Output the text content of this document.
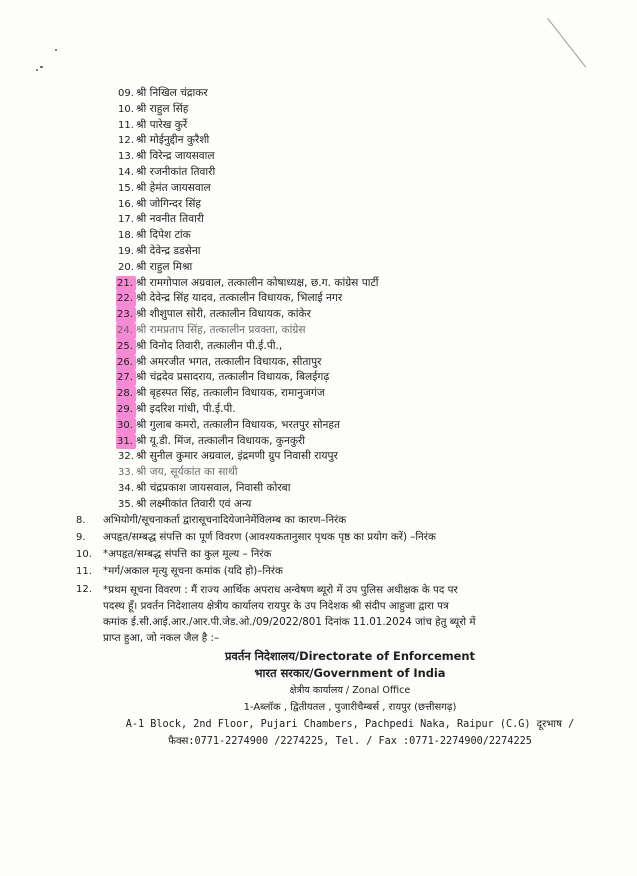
09. श्री निखिल चंद्राकर
10. श्री राहुल सिंह
11. श्री पारेख कुर्रे
12. श्री मोईनुद्दीन कुरैशी
13. श्री विरेन्द्र जायसवाल
14. श्री रजनीकांत तिवारी
15. श्री हेमंत जायसवाल
16. श्री जोगिन्दर सिंह
17. श्री नवनीत तिवारी
18. श्री दिपेश टांक
19. श्री देवेन्द्र डडसेना
20. श्री राहुल मिश्रा
21. श्री रामगोपाल अग्रवाल, तत्कालीन कोषाध्यक्ष, छ.ग. कांग्रेस पार्टी
22. श्री देवेन्द्र सिंह यादव, तत्कालीन विधायक, भिलाई नगर
23. श्री शीशुपाल सोरी, तत्कालीन विधायक, कांकेर
24. श्री रामप्रताप सिंह, तत्कालीन प्रवक्ता, कांग्रेस
25. श्री विनोद तिवारी, तत्कालीन पी.ई.पी.,
26. श्री अमरजीत भगत, तत्कालीन विधायक, सीतापुर
27. श्री चंद्रदेव प्रसादराय, तत्कालीन विधायक, बिलईगढ़
28. श्री बृहस्पत सिंह, तत्कालीन विधायक, रामानुजगंज
29. श्री इदरिश गांधी, पी.ई.पी.
30. श्री गुलाब कमरो, तत्कालीन विधायक, भरतपुर सोनहत
31. श्री यू.डी. मिंज, तत्कालीन विधायक, कुनकुरी
32. श्री सुनील कुमार अग्रवाल, इंद्रमणी ग्रुप निवासी रायपुर
33. श्री जय, सूर्यकांत का साथी
34. श्री चंद्रप्रकाश जायसवाल, निवासी कोरबा
35. श्री लक्ष्मीकांत तिवारी एवं अन्य
8.	अभियोगी/सूचनाकर्ता द्वारासूचनादियेजानेमेंविलम्ब का कारण–निरंक
9.	अपहृत/सम्बद्ध संपत्ति का पूर्ण विवरण (आवश्यकतानुसार पृथक पृष्ठ का प्रयोग करें) –निरंक
10.	*अपहृत/सम्बद्ध संपत्ति का कुल मूल्य – निरंक
11.	*मर्ग/अकाल मृत्यु सूचना कमांक (यदि हो)–निरंक
12. *प्रथम सूचना विवरण : मैं राज्य आर्थिक अपराध अन्वेषण ब्यूरो में उप पुलिस अधीक्षक के पद पर
पदस्थ हूँ। प्रवर्तन निदेशालय क्षेत्रीय कार्यालय रायपुर के उप निदेशक श्री संदीप आहुजा द्वारा पत्र
कमांक ई.सी.आई.आर./आर.पी.जेड.ओ./09/2022/801 दिनांक 11.01.2024 जांच हेतु ब्यूरो में
प्राप्त हुआ, जो नकल जैल है :–
प्रवर्तन निदेशालय/Directorate of Enforcement
भारत सरकार/Government of India
क्षेत्रीय कार्यालय / Zonal Office
1-Aब्लॉक , द्वितीयतल , पुजारीचैम्बर्स , रायपुर (छत्तीसगढ़)
A-1 Block, 2nd Floor, Pujari Chambers, Pachpedi Naka, Raipur (C.G) दूरभाष /
फैक्स:0771-2274900 /2274225, Tel. / Fax :0771-2274900/2274225
